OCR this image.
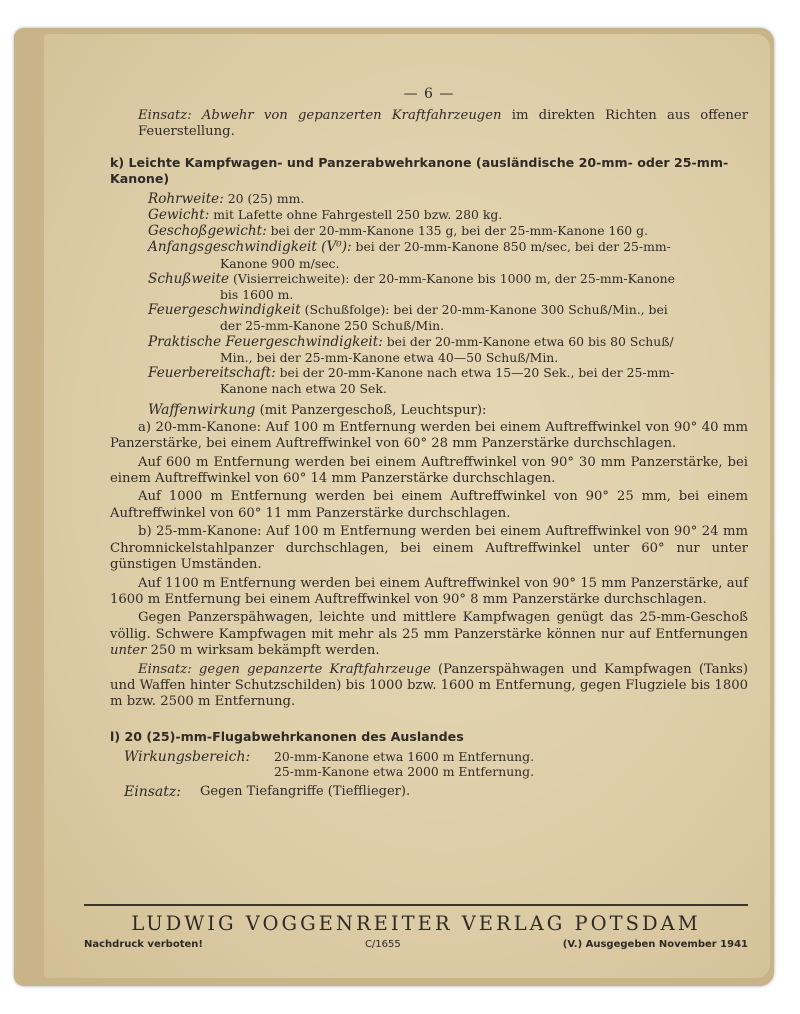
— 6 —

Einsatz: Abwehr von gepanzerten Kraftfahrzeugen im direkten Richten aus offener Feuerstellung.

k) Leichte Kampfwagen- und Panzerabwehrkanone (ausländische 20-mm- oder 25-mm-Kanone)
Rohrweite: 20 (25) mm.
Gewicht: mit Lafette ohne Fahrgestell 250 bzw. 280 kg.
Geschoßgewicht: bei der 20-mm-Kanone 135 g, bei der 25-mm-Kanone 160 g.
Anfangsgeschwindigkeit (V⁰): bei der 20-mm-Kanone 850 m/sec, bei der 25-mm-
Kanone 900 m/sec.
Schußweite (Visierreichweite): der 20-mm-Kanone bis 1000 m, der 25-mm-Kanone
bis 1600 m.
Feuergeschwindigkeit (Schußfolge): bei der 20-mm-Kanone 300 Schuß/Min., bei
der 25-mm-Kanone 250 Schuß/Min.
Praktische Feuergeschwindigkeit: bei der 20-mm-Kanone etwa 60 bis 80 Schuß/
Min., bei der 25-mm-Kanone etwa 40—50 Schuß/Min.
Feuerbereitschaft: bei der 20-mm-Kanone nach etwa 15—20 Sek., bei der 25-mm-
Kanone nach etwa 20 Sek.

Waffenwirkung (mit Panzergeschoß, Leuchtspur):

a) 20-mm-Kanone: Auf 100 m Entfernung werden bei einem Auftreffwinkel von 90° 40 mm Panzerstärke, bei einem Auftreffwinkel von 60° 28 mm Panzerstärke durchschlagen.

Auf 600 m Entfernung werden bei einem Auftreffwinkel von 90° 30 mm Panzerstärke, bei einem Auftreffwinkel von 60° 14 mm Panzerstärke durchschlagen.

Auf 1000 m Entfernung werden bei einem Auftreffwinkel von 90° 25 mm, bei einem Auftreffwinkel von 60° 11 mm Panzerstärke durchschlagen.

b) 25-mm-Kanone: Auf 100 m Entfernung werden bei einem Auftreffwinkel von 90° 24 mm Chromnickelstahlpanzer durchschlagen, bei einem Auftreffwinkel unter 60° nur unter günstigen Umständen.

Auf 1100 m Entfernung werden bei einem Auftreffwinkel von 90° 15 mm Panzerstärke, auf 1600 m Entfernung bei einem Auftreffwinkel von 90° 8 mm Panzerstärke durchschlagen.

Gegen Panzerspähwagen, leichte und mittlere Kampfwagen genügt das 25-mm-Geschoß völlig. Schwere Kampfwagen mit mehr als 25 mm Panzerstärke können nur auf Entfernungen unter 250 m wirksam bekämpft werden.

Einsatz: gegen gepanzerte Kraftfahrzeuge (Panzerspähwagen und Kampfwagen (Tanks) und Waffen hinter Schutzschilden) bis 1000 bzw. 1600 m Entfernung, gegen Flugziele bis 1800 m bzw. 2500 m Entfernung.

l) 20 (25)-mm-Flugabwehrkanonen des Auslandes
Wirkungsbereich:	20-mm-Kanone etwa 1600 m Entfernung.
25-mm-Kanone etwa 2000 m Entfernung.
Einsatz:	Gegen Tiefangriffe (Tiefflieger).
LUDWIG VOGGENREITER VERLAG POTSDAM
Nachdruck verboten!	C/1655	(V.) Ausgegeben November 1941
